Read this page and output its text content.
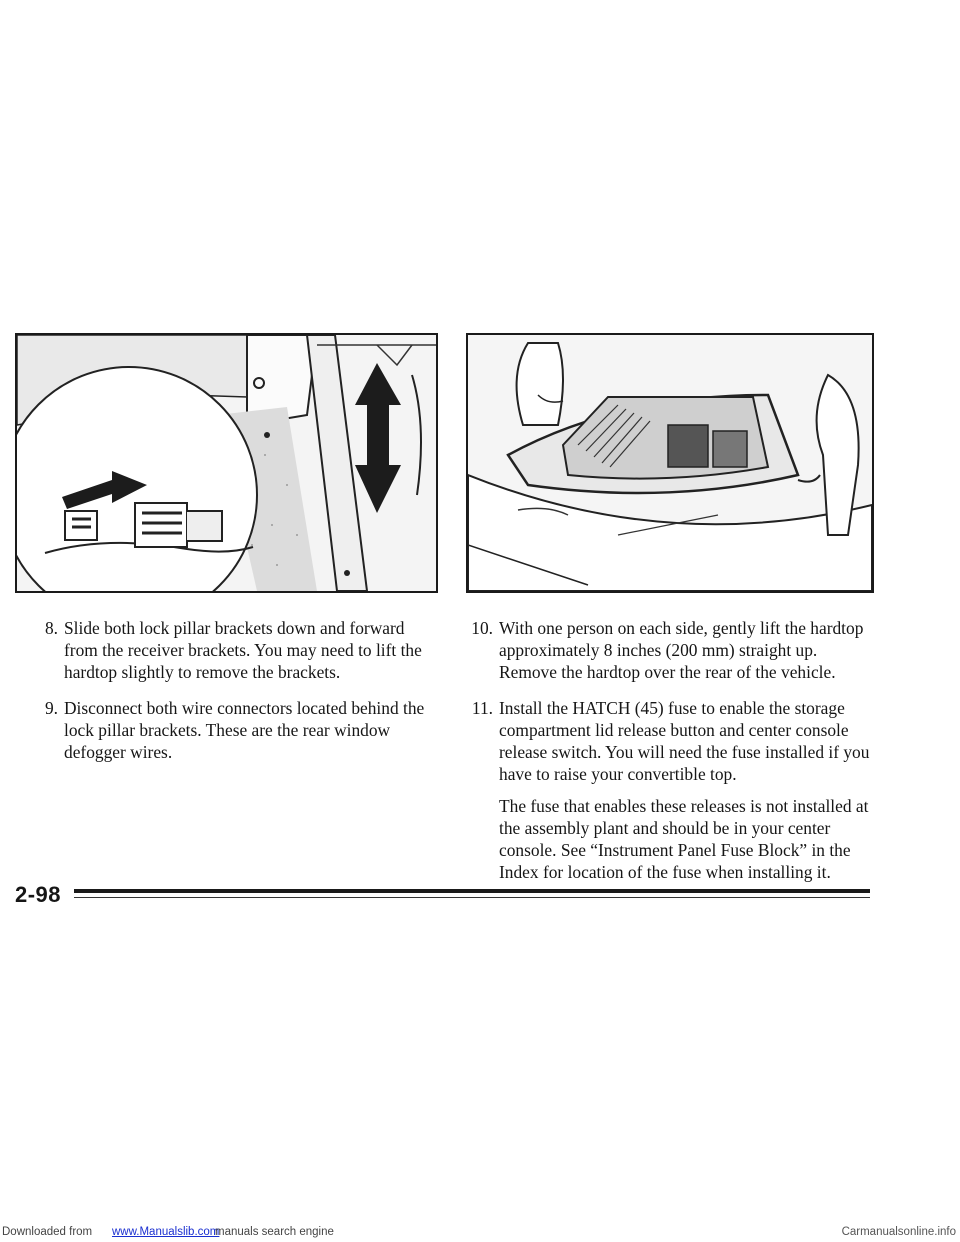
8. Slide both lock pillar brackets down and forward from the receiver brackets. You may need to lift the hardtop slightly to remove the brackets.
9. Disconnect both wire connectors located behind the lock pillar brackets. These are the rear window defogger wires.
10. With one person on each side, gently lift the hardtop approximately 8 inches (200 mm) straight up. Remove the hardtop over the rear of the vehicle.
11. Install the HATCH (45) fuse to enable the storage compartment lid release button and center console release switch. You will need the fuse installed if you have to raise your convertible top.

The fuse that enables these releases is not installed at the assembly plant and should be in your center console. See “Instrument Panel Fuse Block” in the Index for location of the fuse when installing it.

2-98
Downloaded from www.Manualslib.com
manuals search engine	Carmanualsonline.info
